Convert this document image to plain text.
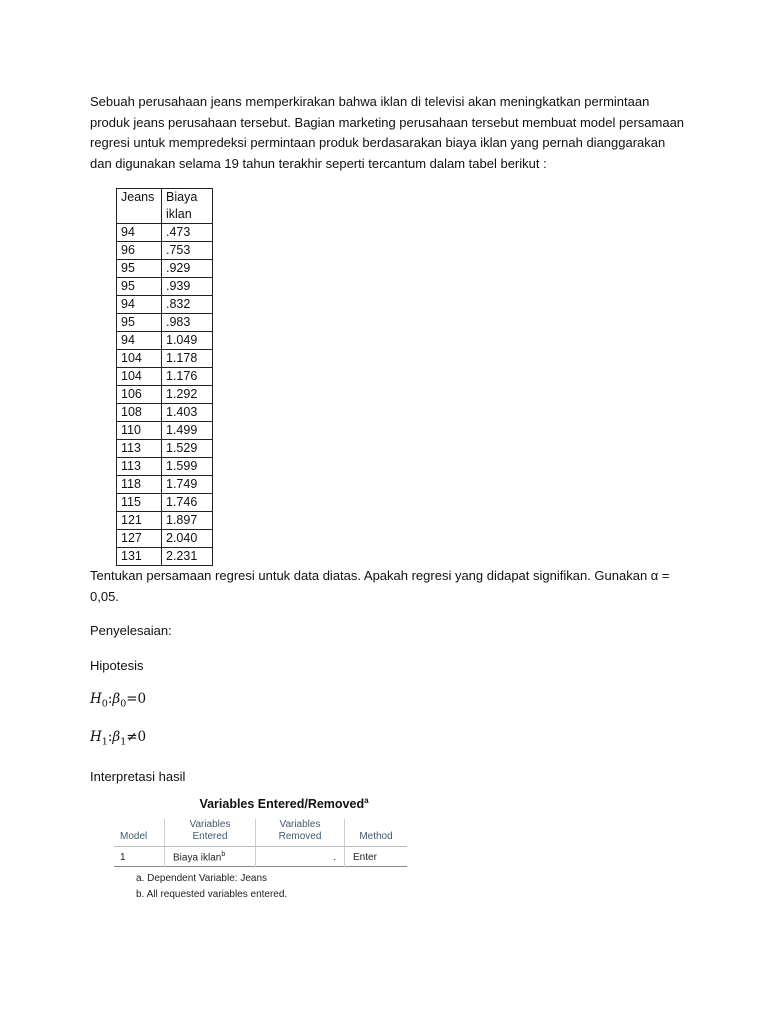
Sebuah perusahaan jeans memperkirakan bahwa iklan di televisi akan meningkatkan permintaan produk jeans perusahaan tersebut. Bagian marketing perusahaan tersebut membuat model persamaan regresi untuk mempredeksi permintaan produk berdasarakan biaya iklan yang pernah dianggarakan dan digunakan selama 19 tahun terakhir seperti tercantum dalam tabel berikut :

Jeans	Biaya iklan
94	.473
96	.753
95	.929
95	.939
94	.832
95	.983
94	1.049
104	1.178
104	1.176
106	1.292
108	1.403
110	1.499
113	1.529
113	1.599
118	1.749
115	1.746
121	1.897
127	2.040
131	2.231

Tentukan persamaan regresi untuk data diatas. Apakah regresi yang didapat signifikan. Gunakan α = 0,05.

Penyelesaian:

Hipotesis

$H_0:\beta_0=0$
$H_1:\beta_1\ne 0$

Interpretasi hasil

Variables Entered/Removed$^a$
Model	Variables Entered	Variables Removed	Method
1	Biaya iklan$^b$	.	Enter
a. Dependent Variable: Jeans
b. All requested variables entered.
